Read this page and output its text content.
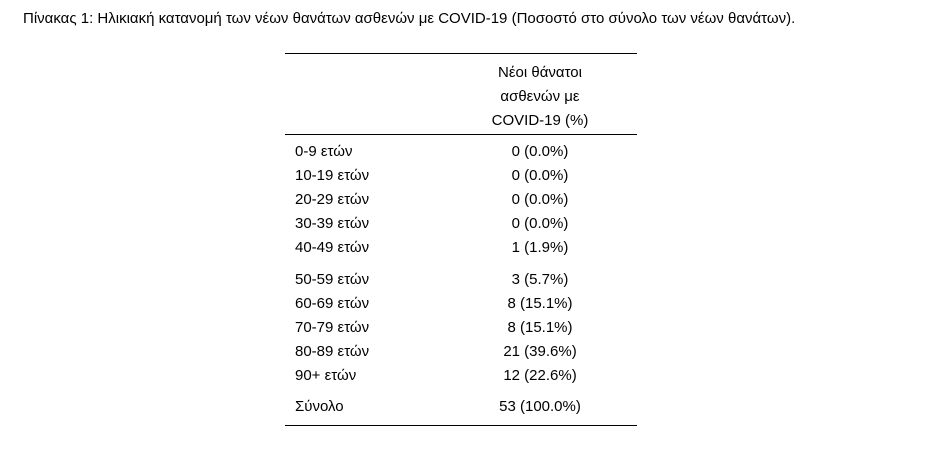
Πίνακας 1: Ηλικιακή κατανομή των νέων θανάτων ασθενών με COVID-19 (Ποσοστό στο σύνολο των νέων θανάτων).
Νέοι θάνατοι
ασθενών με
COVID-19 (%)
0-9 ετών	0 (0.0%)
10-19 ετών	0 (0.0%)
20-29 ετών	0 (0.0%)
30-39 ετών	0 (0.0%)
40-49 ετών	1 (1.9%)
50-59 ετών	3 (5.7%)
60-69 ετών	8 (15.1%)
70-79 ετών	8 (15.1%)
80-89 ετών	21 (39.6%)
90+ ετών	12 (22.6%)
Σύνολο	53 (100.0%)
